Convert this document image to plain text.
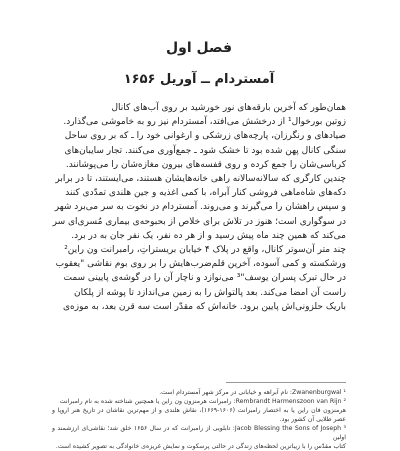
فصل اول
آمستردام ــ آوریل ۱۶۵۶

همان‌طور که آخرین بارقه‌های نور خورشید بر روی آب‌های کانال

زوتین بورخوال¹ از درخشش می‌افتد، آمستردام نیز رو به خاموشی می‌گذارد.

صیادهای و رنگرزان، پارچه‌های زرشکی و ارغوانی خود را ـ که بر روی ساحل

سنگی کانال پهن شده بود تا خشک شود ـ جمع‌آوری می‌کنند. تجار سایبان‌های

کرباسی‌شان را جمع کرده و روی قفسه‌های بیرون مغازه‌شان را می‌پوشانند.

چندین کارگری که سالانه‌سالانه راهی خانه‌هایشان هستند، می‌ایستند، تا در برابر

دکه‌های شاه‌ماهی فروشی کنار آبراه، با کمی اغذیه و جین هلندی تمدّدی کنند

و سپس راهشان را می‌گیرند و می‌روند. آمستردام در نخوت به سر می‌برد شهر

در سوگواری است؛ هنوز در تلاش برای خلاص از بحبوحه‌ی بیماری مُسری‌ای سر

می‌کند که همین چند ماه پیش رسید و از هر ده نفر، یک نفر جان به در برد.

چند متر آن‌سوتر کانال، واقع در پلاک ۴ خیابان بریستراتِ، رامبرانت ون راین²

ورشکسته و کمی آسوده، آخرین قلم‌ضرب‌هایش را بر روی بوم نقاشی "یعقوب

در حال تبرک پسران یوسف"³ می‌نوازد و ناچار آن را در گوشه‌ی پایینی سمت

راست آن امضا می‌کند. بعد پالتواش را به زمین می‌اندازد تا پوشه از پلکان

باریک حلزونی‌اش پایین برود. خانه‌اش که مقدّر است سه قرن بعد، به موزه‌ی

¹ Zwanenburgwal: نام آبراهه و خیابانی در مرکز شهر آمستردام است.

² Rembrandt Harmenszoon van Rijn: رامبرانت هرمنزون ون راین یا همچنین شناخته شده به نام رامبرانت

هرمنزون فان راین یا به اختصار رامبرانت (۱۶۰۶-۱۶۶۹)، نقاش هلندی و از مهم‌ترین نقاشان در تاریخ هنر اروپا و عصر طلایی آن کشور بود.

³ Jacob Blessing the Sons of Joseph: تابلویی از رامبرانت که در سال ۱۶۵۶ خلق شد؛ نقاشی‌ای ارزشمند و اولین

کتاب مقدّس را با زیباترین لحظه‌های زندگی در حالتی پرسکوت و نمایش غریزه‌ی خانوادگی به تصویر کشیده است.
